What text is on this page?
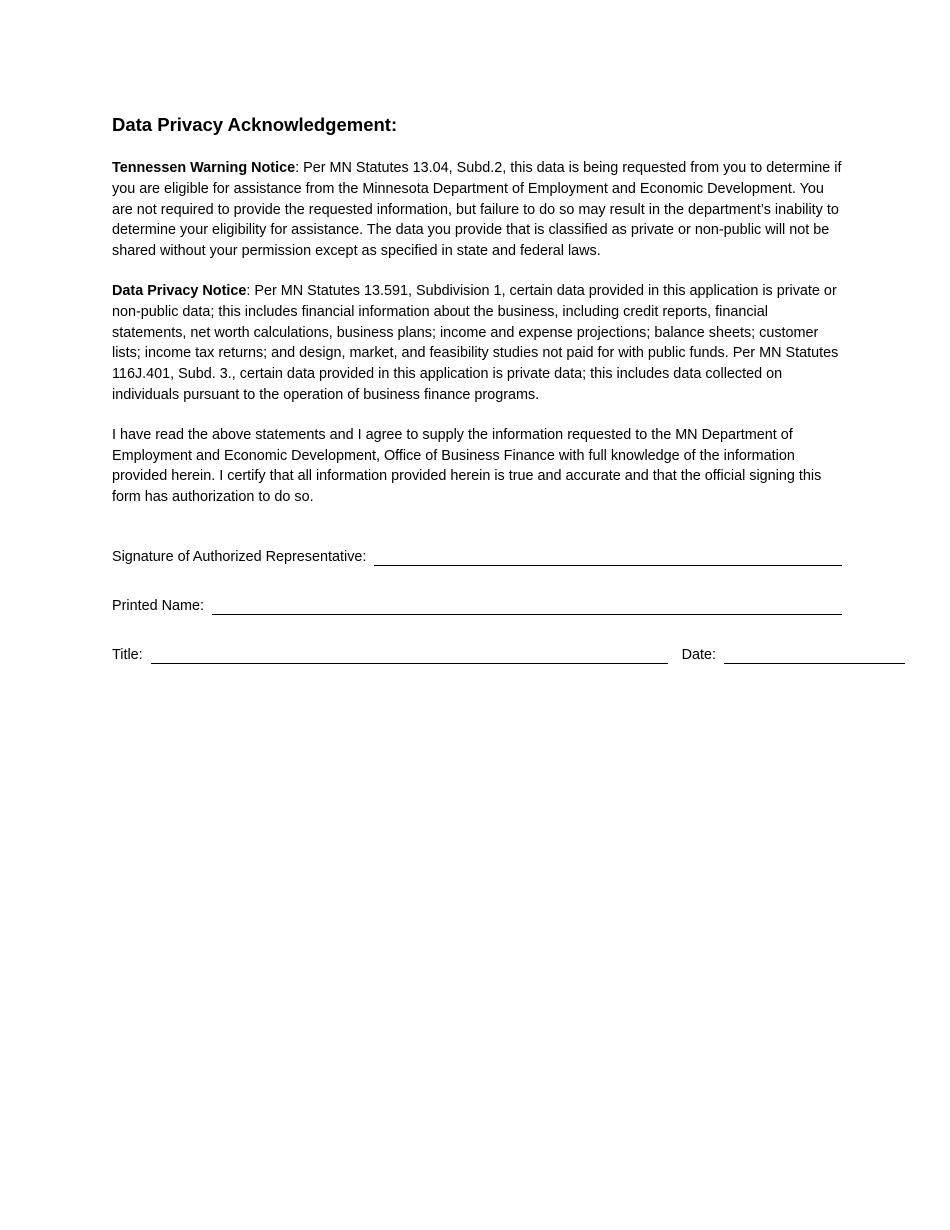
Data Privacy Acknowledgement:

Tennessen Warning Notice: Per MN Statutes 13.04, Subd.2, this data is being requested from you to determine if you are eligible for assistance from the Minnesota Department of Employment and Economic Development. You are not required to provide the requested information, but failure to do so may result in the department’s inability to determine your eligibility for assistance. The data you provide that is classified as private or non-public will not be shared without your permission except as specified in state and federal laws.

Data Privacy Notice: Per MN Statutes 13.591, Subdivision 1, certain data provided in this application is private or non-public data; this includes financial information about the business, including credit reports, financial statements, net worth calculations, business plans; income and expense projections; balance sheets; customer lists; income tax returns; and design, market, and feasibility studies not paid for with public funds. Per MN Statutes 116J.401, Subd. 3., certain data provided in this application is private data; this includes data collected on individuals pursuant to the operation of business finance programs.

I have read the above statements and I agree to supply the information requested to the MN Department of Employment and Economic Development, Office of Business Finance with full knowledge of the information provided herein. I certify that all information provided herein is true and accurate and that the official signing this form has authorization to do so.

Signature of Authorized Representative:
Printed Name:
Title:	Date:
